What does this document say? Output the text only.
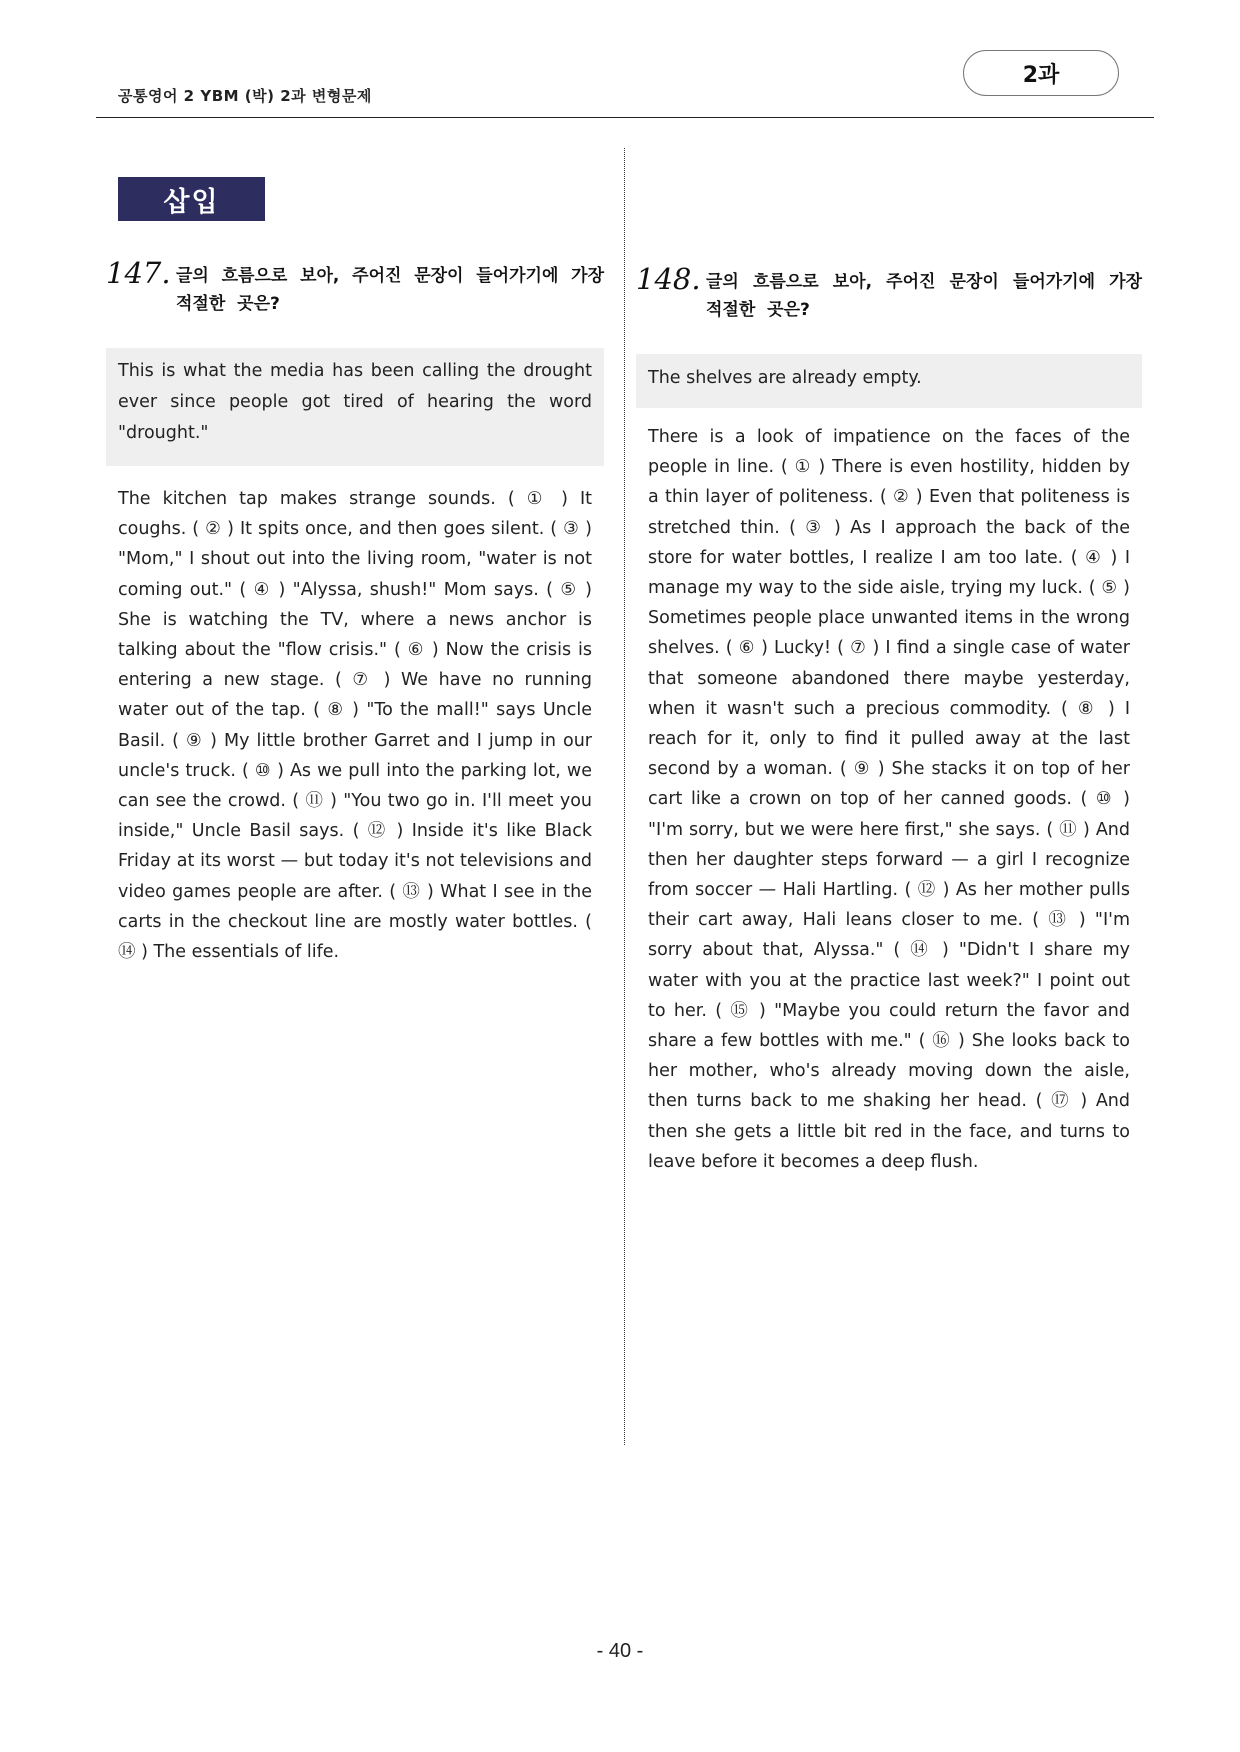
공통영어 2 YBM (박) 2과 변형문제
2과
삽입
147. 글의 흐름으로 보아, 주어진 문장이 들어가기에 가장 적절한 곳은?
This is what the media has been calling the drought ever since people got tired of hearing the word "drought."
The kitchen tap makes strange sounds. ( ① ) It coughs. ( ② ) It spits once, and then goes silent. ( ③ ) "Mom," I shout out into the living room, "water is not coming out." ( ④ ) "Alyssa, shush!" Mom says. ( ⑤ ) She is watching the TV, where a news anchor is talking about the "flow crisis." ( ⑥ ) Now the crisis is entering a new stage. ( ⑦ ) We have no running water out of the tap. ( ⑧ ) "To the mall!" says Uncle Basil. ( ⑨ ) My little brother Garret and I jump in our uncle's truck. ( ⑩ ) As we pull into the parking lot, we can see the crowd. ( ⑪ ) "You two go in. I'll meet you inside," Uncle Basil says. ( ⑫ ) Inside it's like Black Friday at its worst — but today it's not televisions and video games people are after. ( ⑬ ) What I see in the carts in the checkout line are mostly water bottles. ( ⑭ ) The essentials of life.
148. 글의 흐름으로 보아, 주어진 문장이 들어가기에 가장 적절한 곳은?
The shelves are already empty.
There is a look of impatience on the faces of the people in line. ( ① ) There is even hostility, hidden by a thin layer of politeness. ( ② ) Even that politeness is stretched thin. ( ③ ) As I approach the back of the store for water bottles, I realize I am too late. ( ④ ) I manage my way to the side aisle, trying my luck. ( ⑤ ) Sometimes people place unwanted items in the wrong shelves. ( ⑥ ) Lucky! ( ⑦ ) I find a single case of water that someone abandoned there maybe yesterday, when it wasn't such a precious commodity. ( ⑧ ) I reach for it, only to find it pulled away at the last second by a woman. ( ⑨ ) She stacks it on top of her cart like a crown on top of her canned goods. ( ⑩ ) "I'm sorry, but we were here first," she says. ( ⑪ ) And then her daughter steps forward — a girl I recognize from soccer — Hali Hartling. ( ⑫ ) As her mother pulls their cart away, Hali leans closer to me. ( ⑬ ) "I'm sorry about that, Alyssa." ( ⑭ ) "Didn't I share my water with you at the practice last week?" I point out to her. ( ⑮ ) "Maybe you could return the favor and share a few bottles with me." ( ⑯ ) She looks back to her mother, who's already moving down the aisle, then turns back to me shaking her head. ( ⑰ ) And then she gets a little bit red in the face, and turns to leave before it becomes a deep flush.
- 40 -
